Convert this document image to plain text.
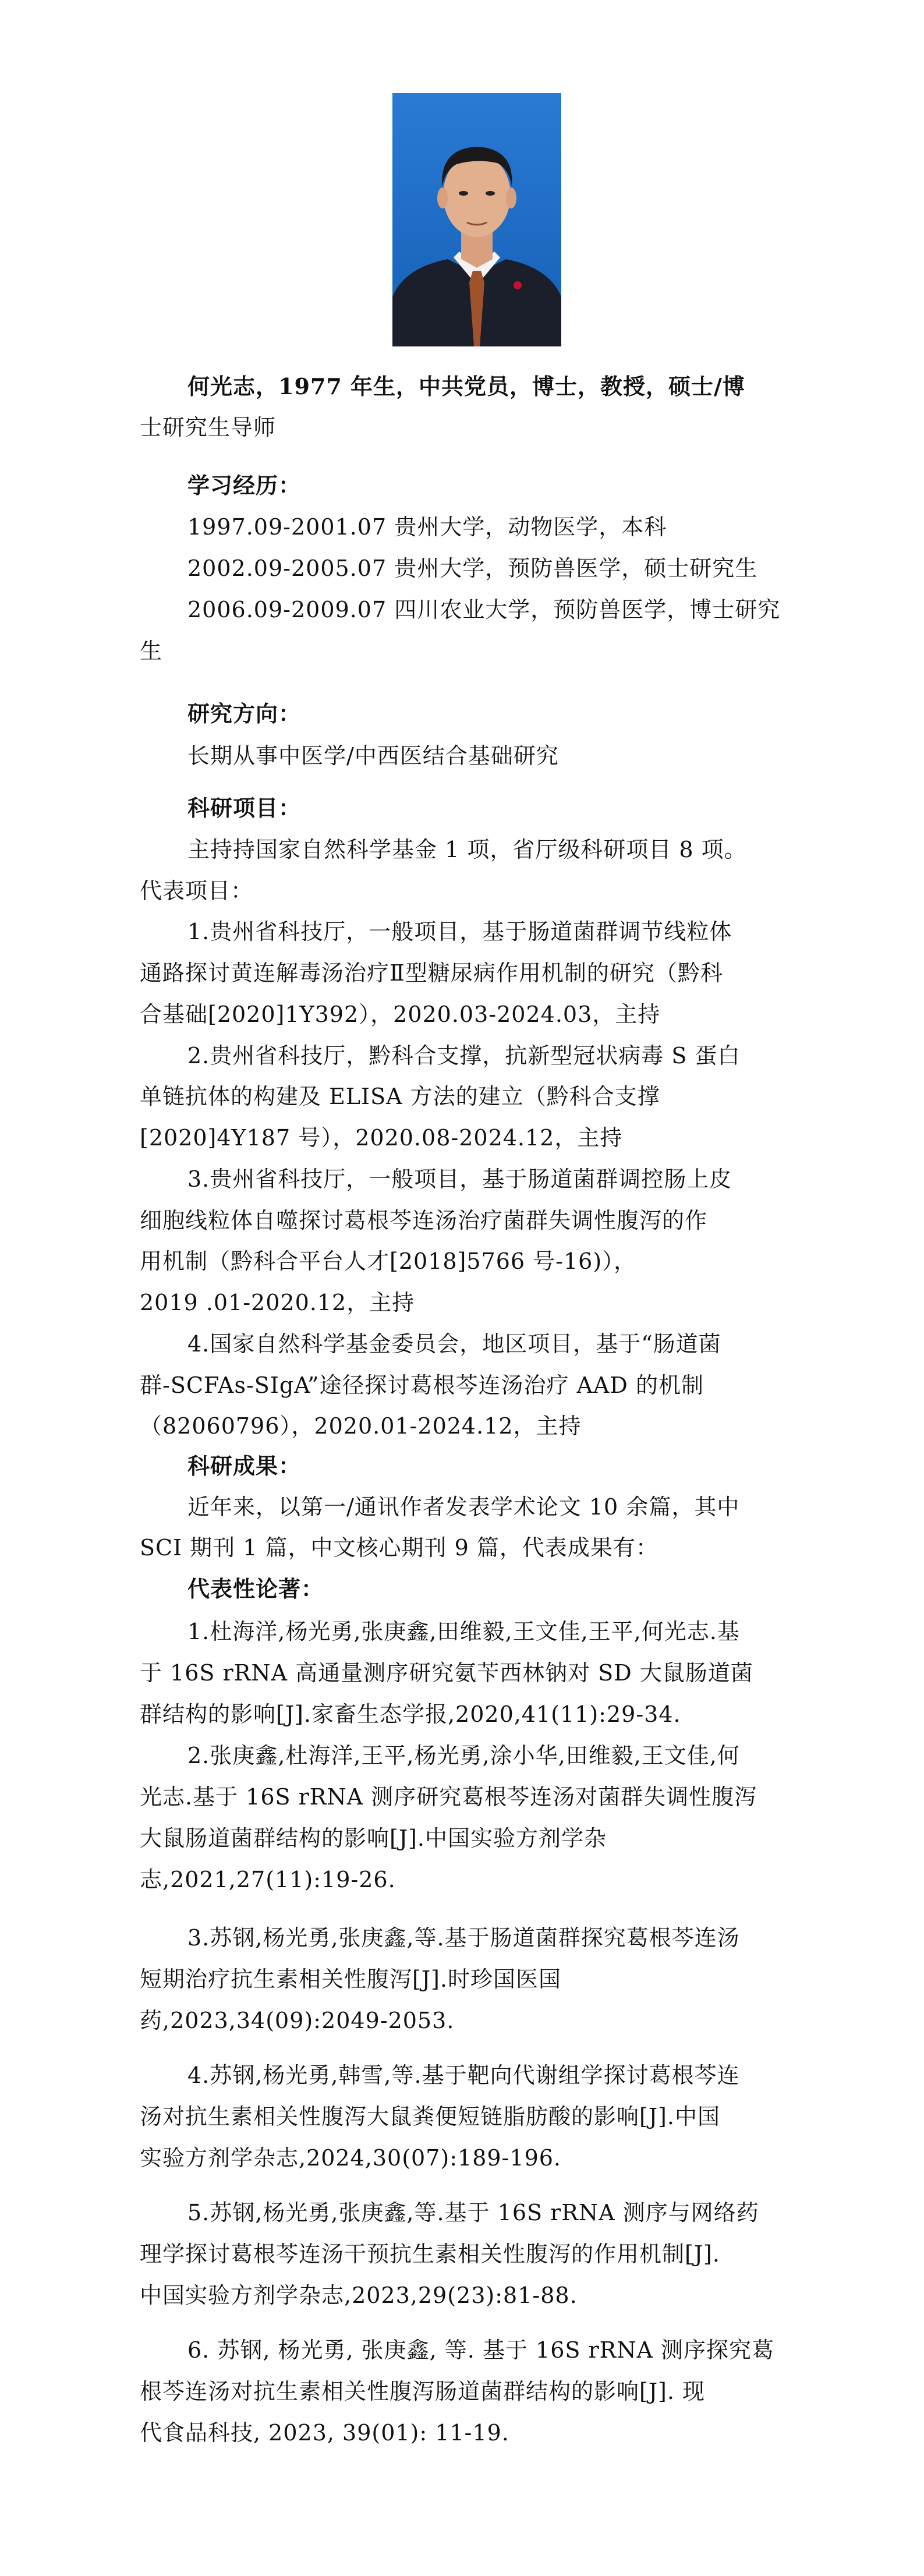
何光志，1977 年生，中共党员，博士，教授，硕士/博
士研究生导师
学习经历：
1997.09-2001.07 贵州大学，动物医学，本科
2002.09-2005.07 贵州大学，预防兽医学，硕士研究生
2006.09-2009.07 四川农业大学，预防兽医学，博士研究
生
研究方向：
长期从事中医学/中西医结合基础研究
科研项目：
主持持国家自然科学基金 1 项，省厅级科研项目 8 项。
代表项目：
1.贵州省科技厅，一般项目，基于肠道菌群调节线粒体
通路探讨黄连解毒汤治疗Ⅱ型糖尿病作用机制的研究（黔科
合基础[2020]1Y392），2020.03-2024.03，主持
2.贵州省科技厅，黔科合支撑，抗新型冠状病毒 S 蛋白
单链抗体的构建及 ELISA 方法的建立（黔科合支撑
[2020]4Y187 号），2020.08-2024.12，主持
3.贵州省科技厅，一般项目，基于肠道菌群调控肠上皮
细胞线粒体自噬探讨葛根芩连汤治疗菌群失调性腹泻的作
用机制（黔科合平台人才[2018]5766 号-16)），
2019 .01-2020.12，主持
4.国家自然科学基金委员会，地区项目，基于“肠道菌
群-SCFAs-SIgA”途径探讨葛根芩连汤治疗 AAD 的机制
（82060796），2020.01-2024.12，主持
科研成果：
近年来，以第一/通讯作者发表学术论文 10 余篇，其中
SCI 期刊 1 篇，中文核心期刊 9 篇，代表成果有：
代表性论著：
1.杜海洋,杨光勇,张庚鑫,田维毅,王文佳,王平,何光志.基
于 16S rRNA 高通量测序研究氨苄西林钠对 SD 大鼠肠道菌
群结构的影响[J].家畜生态学报,2020,41(11):29-34.
2.张庚鑫,杜海洋,王平,杨光勇,涂小华,田维毅,王文佳,何
光志.基于 16S rRNA 测序研究葛根芩连汤对菌群失调性腹泻
大鼠肠道菌群结构的影响[J].中国实验方剂学杂
志,2021,27(11):19-26.
3.苏钢,杨光勇,张庚鑫,等.基于肠道菌群探究葛根芩连汤
短期治疗抗生素相关性腹泻[J].时珍国医国
药,2023,34(09):2049-2053.
4.苏钢,杨光勇,韩雪,等.基于靶向代谢组学探讨葛根芩连
汤对抗生素相关性腹泻大鼠粪便短链脂肪酸的影响[J].中国
实验方剂学杂志,2024,30(07):189-196.
5.苏钢,杨光勇,张庚鑫,等.基于 16S rRNA 测序与网络药
理学探讨葛根芩连汤干预抗生素相关性腹泻的作用机制[J].
中国实验方剂学杂志,2023,29(23):81-88.
6. 苏钢, 杨光勇, 张庚鑫, 等. 基于 16S rRNA 测序探究葛
根芩连汤对抗生素相关性腹泻肠道菌群结构的影响[J]. 现
代食品科技, 2023, 39(01): 11-19.
